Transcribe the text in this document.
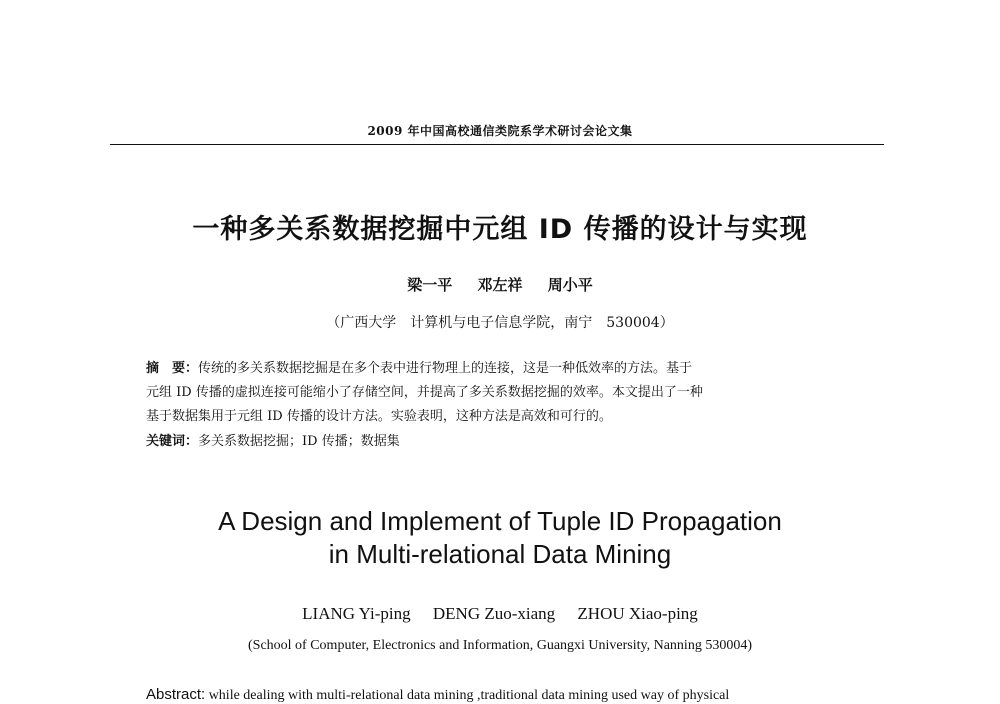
2009 年中国高校通信类院系学术研讨会论文集
一种多关系数据挖掘中元组 ID 传播的设计与实现
梁一平 邓左祥 周小平
（广西大学　计算机与电子信息学院，南宁　530004）
摘　要：传统的多关系数据挖掘是在多个表中进行物理上的连接，这是一种低效率的方法。基于
元组 ID 传播的虚拟连接可能缩小了存储空间，并提高了多关系数据挖掘的效率。本文提出了一种
基于数据集用于元组 ID 传播的设计方法。实验表明，这种方法是高效和可行的。
关键词：多关系数据挖掘；ID 传播；数据集
A Design and Implement of Tuple ID Propagation
in Multi-relational Data Mining
LIANG Yi-ping DENG Zuo-xiang ZHOU Xiao-ping
(School of Computer, Electronics and Information, Guangxi University, Nanning 530004)
Abstract: while dealing with multi-relational data mining ,traditional data mining used way of physical
